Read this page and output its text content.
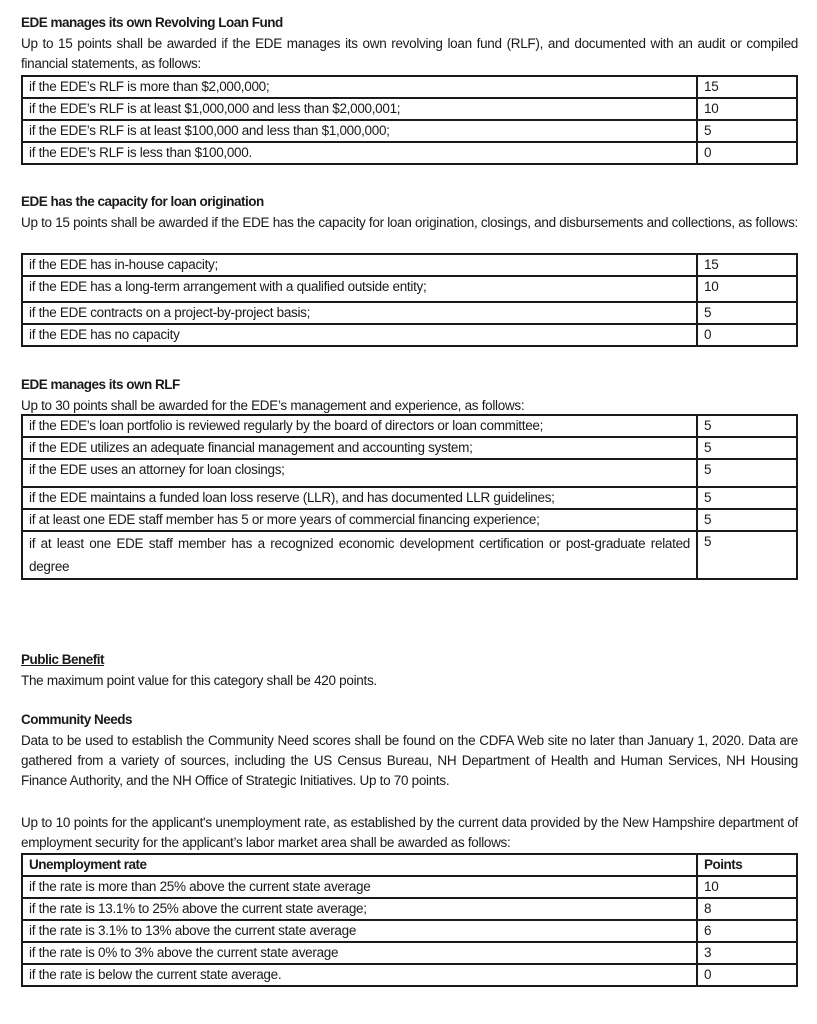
EDE manages its own Revolving Loan Fund
Up to 15 points shall be awarded if the EDE manages its own revolving loan fund (RLF), and documented with an audit or compiled financial statements, as follows:
if the EDE’s RLF is more than $2,000,000;	15
if the EDE’s RLF is at least $1,000,000 and less than $2,000,001;	10
if the EDE’s RLF is at least $100,000 and less than $1,000,000;	5
if the EDE’s RLF is less than $100,000.	0
EDE has the capacity for loan origination
Up to 15 points shall be awarded if the EDE has the capacity for loan origination, closings, and disbursements and collections, as follows:
if the EDE has in-house capacity;	15
if the EDE has a long-term arrangement with a qualified outside entity;	10
if the EDE contracts on a project-by-project basis;	5
if the EDE has no capacity	0
EDE manages its own RLF
Up to 30 points shall be awarded for the EDE’s management and experience, as follows:
if the EDE’s loan portfolio is reviewed regularly by the board of directors or loan committee;	5
if the EDE utilizes an adequate financial management and accounting system;	5
if the EDE uses an attorney for loan closings;	5
if the EDE maintains a funded loan loss reserve (LLR), and has documented LLR guidelines;	5
if at least one EDE staff member has 5 or more years of commercial financing experience;	5
if at least one EDE staff member has a recognized economic development certification or post-graduate related degree	5
Public Benefit
The maximum point value for this category shall be 420 points.
Community Needs
Data to be used to establish the Community Need scores shall be found on the CDFA Web site no later than January 1, 2020. Data are gathered from a variety of sources, including the US Census Bureau, NH Department of Health and Human Services, NH Housing Finance Authority, and the NH Office of Strategic Initiatives. Up to 70 points.
Up to 10 points for the applicant's unemployment rate, as established by the current data provided by the New Hampshire department of employment security for the applicant’s labor market area shall be awarded as follows:
Unemployment rate	Points
if the rate is more than 25% above the current state average	10
if the rate is 13.1% to 25% above the current state average;	8
if the rate is 3.1% to 13% above the current state average	6
if the rate is 0% to 3% above the current state average	3
if the rate is below the current state average.	0
